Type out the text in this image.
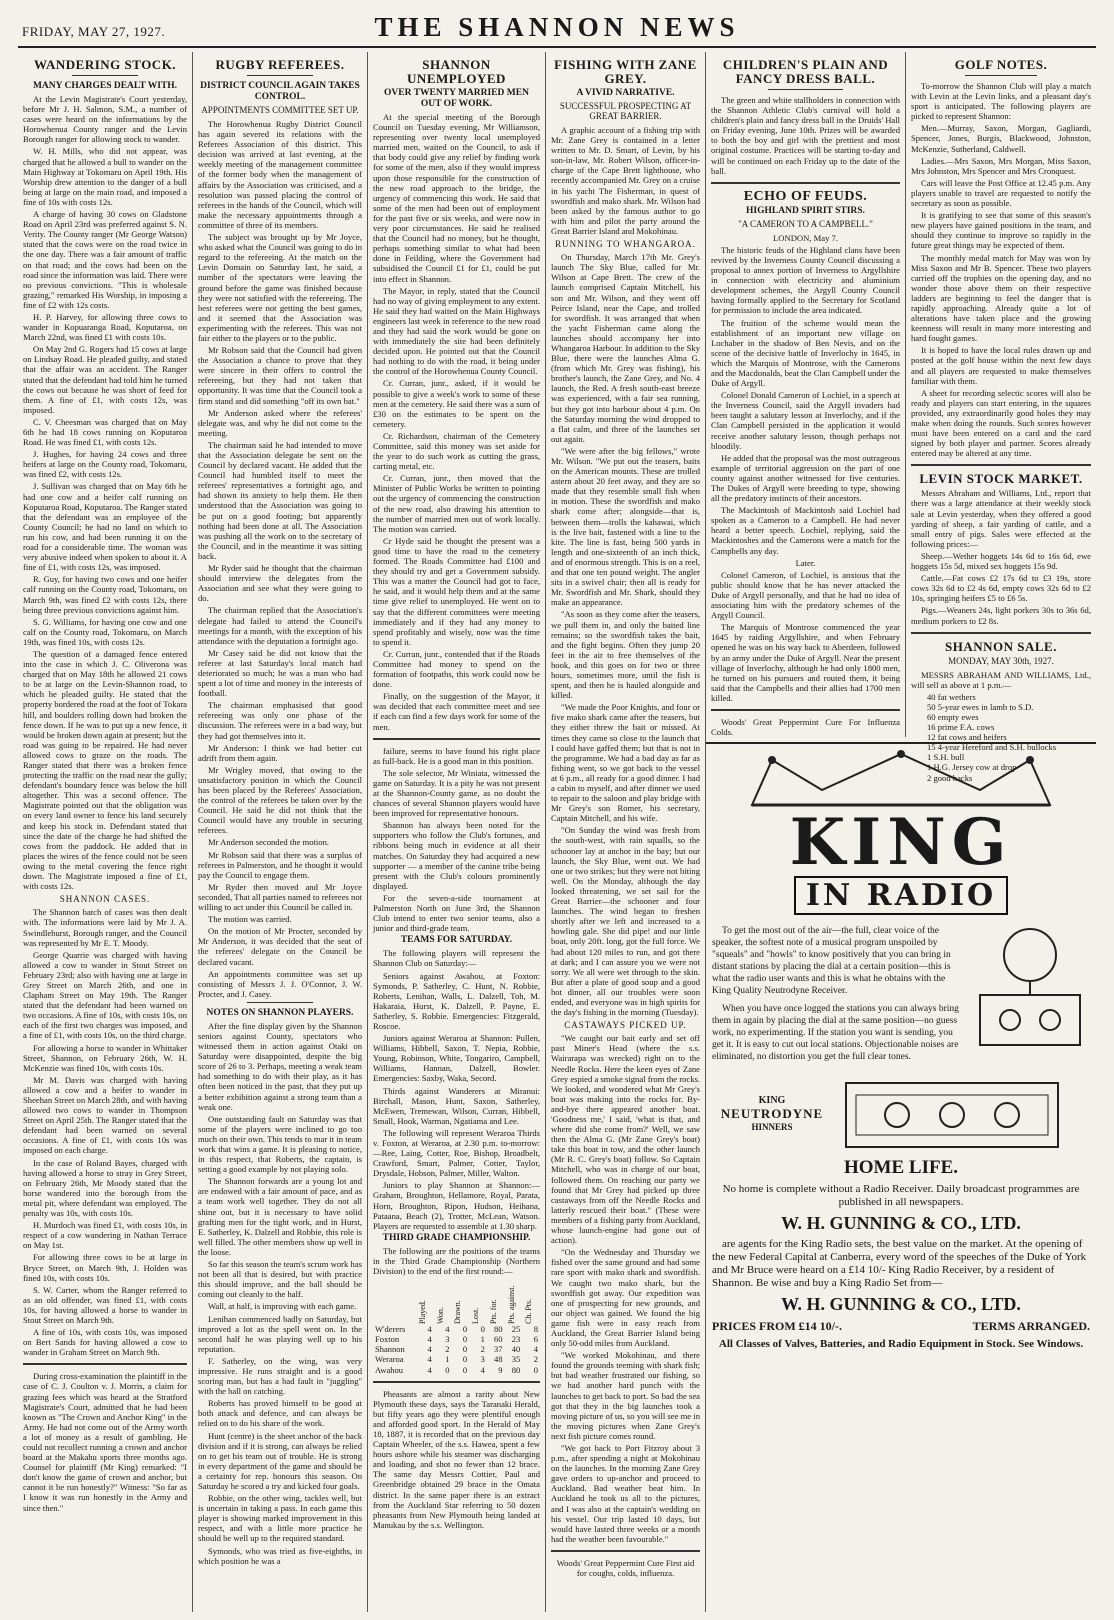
FRIDAY, MAY 27, 1927.	THE SHANNON NEWS
WANDERING STOCK.
MANY CHARGES DEALT WITH.

At the Levin Magistrate's Court yesterday, before Mr J. H. Salmon, S.M., a number of cases were heard on the informations by the Horowhenua County ranger and the Levin Borough ranger for allowing stock to wander.

W. H. Mills, who did not appear, was charged that he allowed a bull to wander on the Main Highway at Tokomaru on April 19th. His Worship drew attention to the danger of a bull being at large on the main road, and imposed a fine of 10s with costs 12s.

A charge of having 30 cows on Gladstone Road on April 23rd was preferred against S. N. Verity. The County ranger (Mr George Watson) stated that the cows were on the road twice in the one day. There was a fair amount of traffic on that road; and the cows had been on the road since the information was laid. There were no previous convictions. "This is wholesale grazing," remarked His Worship, in imposing a fine of £2 with 12s costs.

H. P. Harvey, for allowing three cows to wander in Kopuaranga Road, Koputaroa, on March 22nd, was fined £1 with costs 10s.

On May 2nd G. Rogers had 15 cows at large on Lindsay Road. He pleaded guilty, and stated that the affair was an accident. The Ranger stated that the defendant had told him he turned the cows out because he was short of feed for them. A fine of £1, with costs 12s, was imposed.

C. V. Cheesman was charged that on May 6th he had 18 cows running on Koputaroa Road. He was fined £1, with costs 12s.

J. Hughes, for having 24 cows and three heifers at large on the County road, Tokomaru, was fined £2, with costs 12s.

J. Sullivan was charged that on May 6th he had one cow and a heifer calf running on Koputaroa Road, Koputaroa. The Ranger stated that the defendant was an employee of the County Council; he had no land on which to run his cow, and had been running it on the road for a considerable time. The woman was very abusive indeed when spoken to about it. A fine of £1, with costs 12s, was imposed.

R. Guy, for having two cows and one heifer calf running on the County road, Tokomaru, on March 9th, was fined £2 with costs 12s, there being three previous convictions against him.

S. G. Williams, for having one cow and one calf on the County road, Tokomaru, on March 19th, was fined 10s, with costs 12s.

The question of a damaged fence entered into the case in which J. C. Oliverona was charged that on May 18th he allowed 21 cows to be at large on the Levin-Shannon road, to which he pleaded guilty. He stated that the property bordered the road at the foot of Tokara hill, and boulders rolling down had broken the fence down. If he was to put up a new fence, it would be broken down again at present; but the road was going to be repaired. He had never allowed cows to graze on the roads. The Ranger stated that there was a broken fence protecting the traffic on the road near the gully; defendant's boundary fence was below the hill altogether. This was a second offence. The Magistrate pointed out that the obligation was on every land owner to fence his land securely and keep his stock in. Defendant stated that since the date of the charge he had shifted the cows from the paddock. He added that in places the wires of the fence could not be seen owing to the metal covering the fence right down. The Magistrate imposed a fine of £1, with costs 12s.

SHANNON CASES.

The Shannon batch of cases was then dealt with. The informations were laid by Mr J. A. Swindlehurst, Borough ranger, and the Council was represented by Mr E. T. Moody.

George Quarrie was charged with having allowed a cow to wander in Stout Street on February 23rd; also with having one at large in Grey Street on March 26th, and one in Clapham Street on May 19th. The Ranger stated that the defendant had been warned on two occasions. A fine of 10s, with costs 10s, on each of the first two charges was imposed, and a fine of £1, with costs 10s, on the third charge.

For allowing a horse to wander in Whittaker Street, Shannon, on February 26th, W. H. McKenzie was fined 10s, with costs 10s.

Mr M. Davis was charged with having allowed a cow and a heifer to wander in Sheehan Street on March 28th, and with having allowed two cows to wander in Thompson Street on April 25th. The Ranger stated that the defendant had been warned on several occasions. A fine of £1, with costs 10s was imposed on each charge.

In the case of Roland Bayes, charged with having allowed a horse to stray in Grey Street, on February 26th, Mr Moody stated that the horse wandered into the borough from the metal pit, where defendant was employed. The penalty was 10s, with costs 10s.

H. Murdoch was fined £1, with costs 10s, in respect of a cow wandering in Nathan Terrace on May 1st.

For allowing three cows to be at large in Bryce Street, on March 9th, J. Holden was fined 10s, with costs 10s.

S. W. Carter, whom the Ranger referred to as an old offender, was fined £1, with costs 10s, for having allowed a horse to wander in Stout Street on March 9th.

A fine of 10s, with costs 10s, was imposed on Bert Sands for having allowed a cow to wander in Graham Street on March 9th.

During cross-examination the plaintiff in the case of C. J. Coulton v. J. Morris, a claim for grazing fees which was heard at the Stratford Magistrate's Court, admitted that he had been known as "The Crown and Anchor King" in the Army. He had not come out of the Army worth a lot of money as a result of gambling. He could not recollect running a crown and anchor board at the Makahu sports three months ago. Counsel for plaintiff (Mr King) remarked: "I don't know the game of crown and anchor, but cannot it be run honestly?" Witness: "So far as I know it was run honestly in the Army and since then."

RUGBY REFEREES.
DISTRICT COUNCIL AGAIN TAKES CONTROL.
APPOINTMENTS COMMITTEE SET UP.

The Horowhenua Rugby District Council has again severed its relations with the Referees Association of this district. This decision was arrived at last evening, at the weekly meeting of the management committee of the former body when the management of affairs by the Association was criticised, and a resolution was passed placing the control of referees in the hands of the Council, which will make the necessary appointments through a committee of three of its members.

The subject was brought up by Mr Joyce, who asked what the Council was going to do in regard to the refereeing. At the match on the Levin Domain on Saturday last, he said, a number of the spectators were leaving the ground before the game was finished because they were not satisfied with the refereeing. The best referees were not getting the best games, and it seemed that the Association was experimenting with the referees. This was not fair either to the players or to the public.

Mr Robson said that the Council had given the Association a chance to prove that they were sincere in their offers to control the refereeing, but they had not taken that opportunity. It was time that the Council took a firm stand and did something "off its own bat."

Mr Anderson asked where the referees' delegate was, and why he did not come to the meeting.

The chairman said he had intended to move that the Association delegate be sent on the Council by declared vacant. He added that the Council had humbled itself to meet the referees' representatives a fortnight ago, and had shown its anxiety to help them. He then understood that the Association was going to be put on a good footing; but apparently nothing had been done at all. The Association was pushing all the work on to the secretary of the Council, and in the meantime it was sitting back.

Mr Ryder said he thought that the chairman should interview the delegates from the Association and see what they were going to do.

The chairman replied that the Association's delegate had failed to attend the Council's meetings for a month, with the exception of his attendance with the deputation a fortnight ago.

Mr Casey said he did not know that the referee at last Saturday's local match had deteriorated so much; he was a man who had spent a lot of time and money in the interests of football.

The chairman emphasised that good refereeing was only one phase of the discussion. The referees were in a bad way, but they had got themselves into it.

Mr Anderson: I think we had better cut adrift from them again.

Mr Wrigley moved, that owing to the unsatisfactory position in which the Council has been placed by the Referees' Association, the control of the referees be taken over by the Council. He said he did not think that the Council would have any trouble in securing referees.

Mr Anderson seconded the motion.

Mr Robson said that there was a surplus of referees in Palmerston, and he thought it would pay the Council to engage them.

Mr Ryder then moved and Mr Joyce seconded, That all parties named to referees not willing to act under this Council be called in.

The motion was carried.

On the motion of Mr Procter, seconded by Mr Anderson, it was decided that the seat of the referees' delegate on the Council be declared vacant.

An appointments committee was set up consisting of Messrs J. J. O'Connor, J. W. Procter, and J. Casey.

NOTES ON SHANNON PLAYERS.

After the fine display given by the Shannon seniors against County, spectators who witnessed them in action against Otaki on Saturday were disappointed, despite the big score of 26 to 3. Perhaps, meeting a weak team had something to do with their play, as it has often been noticed in the past, that they put up a better exhibition against a strong team than a weak one.

One outstanding fault on Saturday was that some of the players were inclined to go too much on their own. This tends to mar it in team work that wins a game. It is pleasing to notice, in this respect, that Roberts, the captain, is setting a good example by not playing solo.

The Shannon forwards are a young lot and are endowed with a fair amount of pace, and as a team work well together. They do not all shine out, but it is necessary to have solid grafting men for the tight work, and in Hurst, E. Satherley, K. Dalzell and Robbie, this role is well filled. The other members show up well in the loose.

So far this season the team's scrum work has not been all that is desired, but with practice this should improve, and the ball should be coming out cleanly to the half.

Wall, at half, is improving with each game.

Lenihan commenced badly on Saturday, but improved a lot as the spell went on. In the second half he was playing well up to his reputation.

F. Satherley, on the wing, was very impressive. He runs straight and is a good scoring man, but has a bad fault in "juggling" with the ball on catching.

Roberts has proved himself to be good at both attack and defence, and can always be relied on to do his share of the work.

Hunt (centre) is the sheet anchor of the back division and if it is strong, can always be relied on to get his team out of trouble. He is strong in every department of the game and should be a certainty for rep. honours this season. On Saturday he scored a try and kicked four goals.

Robbie, on the other wing, tackles well, but is uncertain in taking a pass. In each game this player is showing marked improvement in this respect, and with a little more practice he should be well up to the required standard.

Symonds, who was tried as five-eighths, in which position he was a

SHANNON UNEMPLOYED
OVER TWENTY MARRIED MEN OUT OF WORK.

At the special meeting of the Borough Council on Tuesday evening, Mr Williamson, representing over twenty local unemployed married men, waited on the Council, to ask if that body could give any relief by finding work for some of the men, also if they would impress upon those responsible for the construction of the new road approach to the bridge, the urgency of commencing this work. He said that some of the men had been out of employment for the past five or six weeks, and were now in very poor circumstances. He said he realised that the Council had no money, but he thought, perhaps something similar to what had been done in Feilding, where the Government had subsidised the Council £1 for £1, could be put into effect in Shannon.

The Mayor, in reply, stated that the Council had no way of giving employment to any extent. He said they had waited on the Main Highways engineers last week in reference to the new road and they had said the work would be gone on with immediately the site had been definitely decided upon. He pointed out that the Council had nothing to do with the road, it being under the control of the Horowhenua County Council.

Cr. Curran, junr., asked, if it would be possible to give a week's work to some of these men at the cemetery. He said there was a sum of £30 on the estimates to be spent on the cemetery.

Cr. Richardson, chairman of the Cemetery Committee, said this money was set aside for the year to do such work as cutting the grass, carting metal, etc.

Cr. Curran, junr., then moved that the Minister of Public Works be written to pointing out the urgency of commencing the construction of the new road, also drawing his attention to the number of married men out of work locally. The motion was carried.

Cr Hyde said he thought the present was a good time to have the road to the cemetery formed. The Roads Committee had £100 and they should try and get a Government subsidy. This was a matter the Council had got to face, he said, and it would help them and at the same time give relief to unemployed. He went on to say that the different committees were meeting immediately and if they had any money to spend profitably and wisely, now was the time to spend it.

Cr. Curran, junr., contended that if the Roads Committee had money to spend on the formation of footpaths, this work could now be done.

Finally, on the suggestion of the Mayor, it was decided that each committee meet and see if each can find a few days work for some of the men.

failure, seems to have found his right place as full-back. He is a good man in this position.

The sole selector, Mr Winiata, witnessed the game on Saturday. It is a pity he was not present at the Shannon-County game, as no doubt the chances of several Shannon players would have been improved for representative honours.

Shannon has always been noted for the supporters who follow the Club's fortunes, and ribbons being much in evidence at all their matches. On Saturday they had acquired a new supporter — a member of the canine tribe being present with the Club's colours prominently displayed.

For the seven-a-side tournament at Palmerston North on June 3rd, the Shannon Club intend to enter two senior teams, also a junior and third-grade team.

TEAMS FOR SATURDAY.

The following players will represent the Shannon Club on Saturday:—

Seniors against Awahou, at Foxton: Symonds, P. Satherley, C. Hunt, N. Robbie, Roberts, Lenihan, Walls, L. Dalzell, Toh, M. Hakaraia, Hurst, K. Dalzell, P. Payne, E. Satherley, S. Robbie. Emergencies: Fitzgerald, Roscoe.

Juniors against Weraroa at Shannon: Pullen, Williams, Hibbell, Saxon, T. Nepia, Robbie, Young, Robinson, White, Tongariro, Campbell, Williams, Hannan, Dalzell, Bowler. Emergencies: Saxby, Waka, Secord.

Thirds against Wanderers at Miranui: Birchall, Mason, Hunt, Saxon, Satherley, McEwen, Tremewan, Wilson, Curran, Hibbell, Small, Hook, Warman, Ngatiama and Lee.

The following will represent Weraroa Thirds v. Foxton, at Weraroa, at 2.30 p.m. to-morrow:—Ree, Laing, Cotter, Roe, Bishop, Broadbelt, Crawford, Smart, Palmer, Cotter, Taylor, Drysdale, Hobson, Palmer, Miller, Walton.

Juniors to play Shannon at Shannon:—Graham, Broughton, Hellamore, Royal, Parata, Horn, Broughton, Ripon, Hudson, Heihana, Pataana, Beach (2), Trotter, McLean, Watson. Players are requested to assemble at 1.30 sharp.

THIRD GRADE CHAMPIONSHIP.

The following are the positions of the teams in the Third Grade Championship (Northern Division) to the end of the first round:—

	Played.	Won.	Drawn.	Lost.	Pts. for.	Pts. against.	Ch. Pts.

W'derers	4	4	0	0	80	25	8
Foxton	4	3	0	1	60	23	6
Shannon	4	2	0	2	37	40	4
Weraroa	4	1	0	3	48	35	2
Awahou	4	0	0	4	9	80	0

Pheasants are almost a rarity about New Plymouth these days, says the Taranaki Herald, but fifty years ago they were plentiful enough and afforded good sport. In the Herald of May 18, 1887, it is recorded that on the previous day Captain Wheeler, of the s.s. Hawea, spent a few hours ashore while his steamer was discharging and loading, and shot no fewer than 12 brace. The same day Messrs Cottier, Paul and Greenbridge obtained 29 brace in the Omata district. In the same paper there is an extract from the Auckland Star referring to 50 dozen pheasants from New Plymouth being landed at Manukau by the s.s. Wellington.

FISHING WITH ZANE GREY.
A VIVID NARRATIVE.
SUCCESSFUL PROSPECTING AT GREAT BARRIER.

A graphic account of a fishing trip with Mr. Zane Grey is contained in a letter written to Mr. D. Smart, of Levin, by his son-in-law, Mr. Robert Wilson, officer-in-charge of the Cape Brett lighthouse, who recently accompanied Mr. Grey on a cruise in his yacht The Fisherman, in quest of swordfish and mako shark. Mr. Wilson had been asked by the famous author to go with him and pilot the party around the Great Barrier Island and Mokohinau.

RUNNING TO WHANGAROA.

On Thursday, March 17th Mr. Grey's launch The Sky Blue, called for Mr. Wilson at Cape Brett. The crew of the launch comprised Captain Mitchell, his son and Mr. Wilson, and they went off Peirce Island, near the Cape, and trolled for swordfish. It was arranged that when the yacht Fisherman came along the launches should accompany her into Whangaroa Harbour. In addition to the Sky Blue, there were the launches Alma G. (from which Mr. Grey was fishing), his brother's launch, the Zane Grey, and No. 4 launch, the Red. A fresh south-east breeze was experienced, with a fair sea running, but they got into harbour about 4 p.m. On the Saturday morning the wind dropped to a flat calm, and three of the launches set out again.

"We were after the big fellows," wrote Mr. Wilson. "We put out the teasers, baits on the American mounts. These are trolled astern about 20 feet away, and they are so made that they resemble small fish when in motion. These the swordfish and mako shark come after; alongside—that is, between them—trolls the kahawai, which is the live bait, fastened with a line to the kite. The line is fast, being 500 yards in length and one-sixteenth of an inch thick, and of enormous strength. This is on a reel, and that one ten pound weight. The angler sits in a swivel chair; then all is ready for Mr. Swordfish and Mr. Shark, should they make an appearance.

"As soon as they come after the teasers, we pull them in, and only the baited line remains; so the swordfish takes the bait, and the fight begins. Often they jump 20 feet in the air to free themselves of the hook, and this goes on for two or three hours, sometimes more, until the fish is spent, and then he is hauled alongside and killed.

"We made the Poor Knights, and four or five mako shark came after the teasers, but they either threw the bait or missed. At times they came so close to the launch that I could have gaffed them; but that is not in the programme. We had a bad day as far as fishing went, so we got back to the vessel at 6 p.m., all ready for a good dinner. I had a cabin to myself, and after dinner we used to repair to the saloon and play bridge with Mr Grey's son Romer, his secretary, Captain Mitchell, and his wife.

"On Sunday the wind was fresh from the south-west, with rain squalls, so the schooner lay at anchor in the bay; but our launch, the Sky Blue, went out. We had one or two strikes; but they were not biting well. On the Monday, although the day looked threatening, we set sail for the Great Barrier—the schooner and four launches. The wind began to freshen shortly after we left and increased to a howling gale. She did pipe! and our little boat, only 20ft. long, got the full force. We had about 120 miles to run, and got there at dark; and I can assure you we were not sorry. We all were wet through to the skin. But after a plate of good soup and a good hot dinner, all our troubles were soon ended, and everyone was in high spirits for the day's fishing in the morning (Tuesday).

CASTAWAYS PICKED UP.

"We caught our bait early and set off past Miner's Head (where the s.s. Wairarapa was wrecked) right on to the Needle Rocks. Here the keen eyes of Zane Grey espied a smoke signal from the rocks. We looked, and wondered what Mr Grey's boat was making into the rocks for. By-and-bye there appeared another boat. 'Goodness me,' I said, 'what is that, and where did she come from?' Well, we saw then the Alma G. (Mr Zane Grey's boat) take this boat in tow, and the other launch (Mr R. C. Grey's boat) follow. So Captain Mitchell, who was in charge of our boat, followed them. On reaching our party we found that Mr Grey had picked up three castaways from off the Needle Rocks and latterly rescued their boat." (These were members of a fishing party from Auckland, whose launch-engine had gone out of action).

"On the Wednesday and Thursday we fished over the same ground and had some rare sport with mako shark and swordfish. We caught two mako shark, but the swordfish got away. Our expedition was one of prospecting for new grounds, and our object was gained. We found the big game fish were in easy reach from Auckland, the Great Barrier Island being only 50-odd miles from Auckland.

"We worked Mokohinau, and there found the grounds teeming with shark fish; but bad weather frustrated our fishing, so we had another hard punch with the launches to get back to port. So bad the sea got that they in the big launches took a moving picture of us, so you will see me in the moving pictures when Zane Grey's next fish picture comes round.

"We got back to Port Fitzroy about 3 p.m., after spending a night at Mokohinau on the launches. In the morning Zane Grey gave orders to up-anchor and proceed to Auckland. Bad weather beat him. In Auckland he took us all to the pictures, and I was also at the captain's wedding on his vessel. Our trip lasted 10 days, but would have lasted three weeks or a month had the weather been favourable."

Woods' Great Peppermint Cure First aid for coughs, colds, influenza.

CHILDREN'S PLAIN AND FANCY DRESS BALL.

The green and white stallholders in connection with the Shannon Athletic Club's carnival will hold a children's plain and fancy dress ball in the Druids' Hall on Friday evening, June 10th. Prizes will be awarded to both the boy and girl with the prettiest and most original costume. Practices will be starting to-day and will be continued on each Friday up to the date of the ball.

ECHO OF FEUDS.
HIGHLAND SPIRIT STIRS.
"A CAMERON TO A CAMPBELL."

LONDON, May 7.

The historic feuds of the Highland clans have been revived by the Inverness County Council discussing a proposal to annex portion of Inverness to Argyllshire in connection with electricity and aluminium development schemes, the Argyll County Council having formally applied to the Secretary for Scotland for permission to include the area indicated.

The fruition of the scheme would mean the establishment of an important new village on Lochaber in the shadow of Ben Nevis, and on the scene of the decisive battle of Inverlochy in 1645, in which the Marquis of Montrose, with the Camerons and the Macdonalds, beat the Clan Campbell under the Duke of Argyll.

Colonel Donald Cameron of Lochiel, in a speech at the Inverness Council, said the Argyll invaders had been taught a salutary lesson at Inverlochy, and if the Clan Campbell persisted in the application it would receive another salutary lesson, though perhaps not bloodily.

He added that the proposal was the most outrageous example of territorial aggression on the part of one county against another witnessed for five centuries. The Dukes of Argyll were breeding to type, showing all the predatory instincts of their ancestors.

The Mackintosh of Mackintosh said Lochiel had spoken as a Cameron to a Campbell. He had never heard a better speech. Lochiel, replying, said the Mackintoshes and the Camerons were a match for the Campbells any day.

Later.

Colonel Cameron, of Lochiel, is anxious that the public should know that he has never attacked the Duke of Argyll personally, and that he had no idea of associating him with the predatory schemes of the Argyll Council.

The Marquis of Montrose commenced the year 1645 by raiding Argyllshire, and when February opened he was on his way back to Aberdeen, followed by an army under the Duke of Argyll. Near the present village of Inverlochy, although he had only 1800 men, he turned on his pursuers and routed them, it being said that the Campbells and their allies had 1700 men killed.

Woods' Great Peppermint Cure For Influenza Colds.

GOLF NOTES.

To-morrow the Shannon Club will play a match with Levin at the Levin links, and a pleasant day's sport is anticipated. The following players are picked to represent Shannon:

Men.—Murray, Saxon, Morgan, Gagliardi, Spencer, Jones, Burgis, Blackwood, Johnston, McKenzie, Sutherland, Caldwell.

Ladies.—Mrs Saxon, Mrs Morgan, Miss Saxon, Mrs Johnston, Mrs Spencer and Mrs Cronquest.

Cars will leave the Post Office at 12.45 p.m. Any players unable to travel are requested to notify the secretary as soon as possible.

It is gratifying to see that some of this season's new players have gained positions in the team, and should they continue to improve so rapidly in the future great things may be expected of them.

The monthly medal match for May was won by Miss Saxon and Mr B. Spencer. These two players carried off the trophies on the opening day, and no wonder those above them on their respective ladders are beginning to feel the danger that is rapidly approaching. Already quite a lot of alterations have taken place and the growing keenness will result in many more interesting and hard fought games.

It is hoped to have the local rules drawn up and posted at the golf house within the next few days and all players are requested to make themselves familiar with them.

A sheet for recording selectic scores will also be ready and players can start entering, in the squares provided, any extraordinarily good holes they may make when doing the rounds. Such scores however must have been entered on a card and the card signed by both player and partner. Scores already entered may be altered at any time.

LEVIN STOCK MARKET.

Messrs Abraham and Williams, Ltd., report that there was a large attendance at their weekly stock sale at Levin yesterday, when they offered a good yarding of sheep, a fair yarding of cattle, and a small entry of pigs. Sales were effected at the following prices:—

Sheep.—Wether hoggets 14s 6d to 16s 6d, ewe hoggets 15s 5d, mixed sex hoggets 15s 9d.

Cattle.—Fat cows £2 17s 6d to £3 19s, store cows 32s 6d to £2 4s 6d, empty cows 32s 6d to £2 10s, springing heifers £5 to £6 5s.

Pigs.—Weaners 24s, light porkers 30s to 36s 6d, medium porkers to £2 8s.

SHANNON SALE.
MONDAY, MAY 30th, 1927.

MESSRS ABRAHAM AND WILLIAMS, Ltd., will sell as above at 1 p.m.—

40 fat wethers
50 5-year ewes in lamb to S.D.
60 empty ewes
16 prime F.A. cows
12 fat cows and heifers
15 4-year Hereford and S.H. bullocks
1 S.H. bull
1 H.G. Jersey cow at drop
2 good hacks
KING
IN RADIO

To get the most out of the air—the full, clear voice of the speaker, the softest note of a musical program unspoiled by "squeals" and "howls" to know positively that you can bring in distant stations by placing the dial at a certain position—this is what the radio user wants and this is what he obtains with the King Quality Neutrodyne Receiver.

When you have once logged the stations you can always bring them in again by placing the dial at the same position—no guess work, no experimenting. If the station you want is sending, you get it. It is easy to cut out local stations. Objectionable noises are eliminated, no distortion you get the full clear tones.

KING
NEUTRODYNE
HINNERS
HOME LIFE.

No home is complete without a Radio Receiver. Daily broadcast programmes are published in all newspapers.

W. H. GUNNING & CO., LTD.

are agents for the King Radio sets, the best value on the market. At the opening of the new Federal Capital at Canberra, every word of the speeches of the Duke of York and Mr Bruce were heard on a £14 10/- King Radio Receiver, by a resident of Shannon. Be wise and buy a King Radio Set from—

W. H. GUNNING & CO., LTD.
PRICES FROM £14 10/-.	TERMS ARRANGED.

All Classes of Valves, Batteries, and Radio Equipment in Stock. See Windows.
